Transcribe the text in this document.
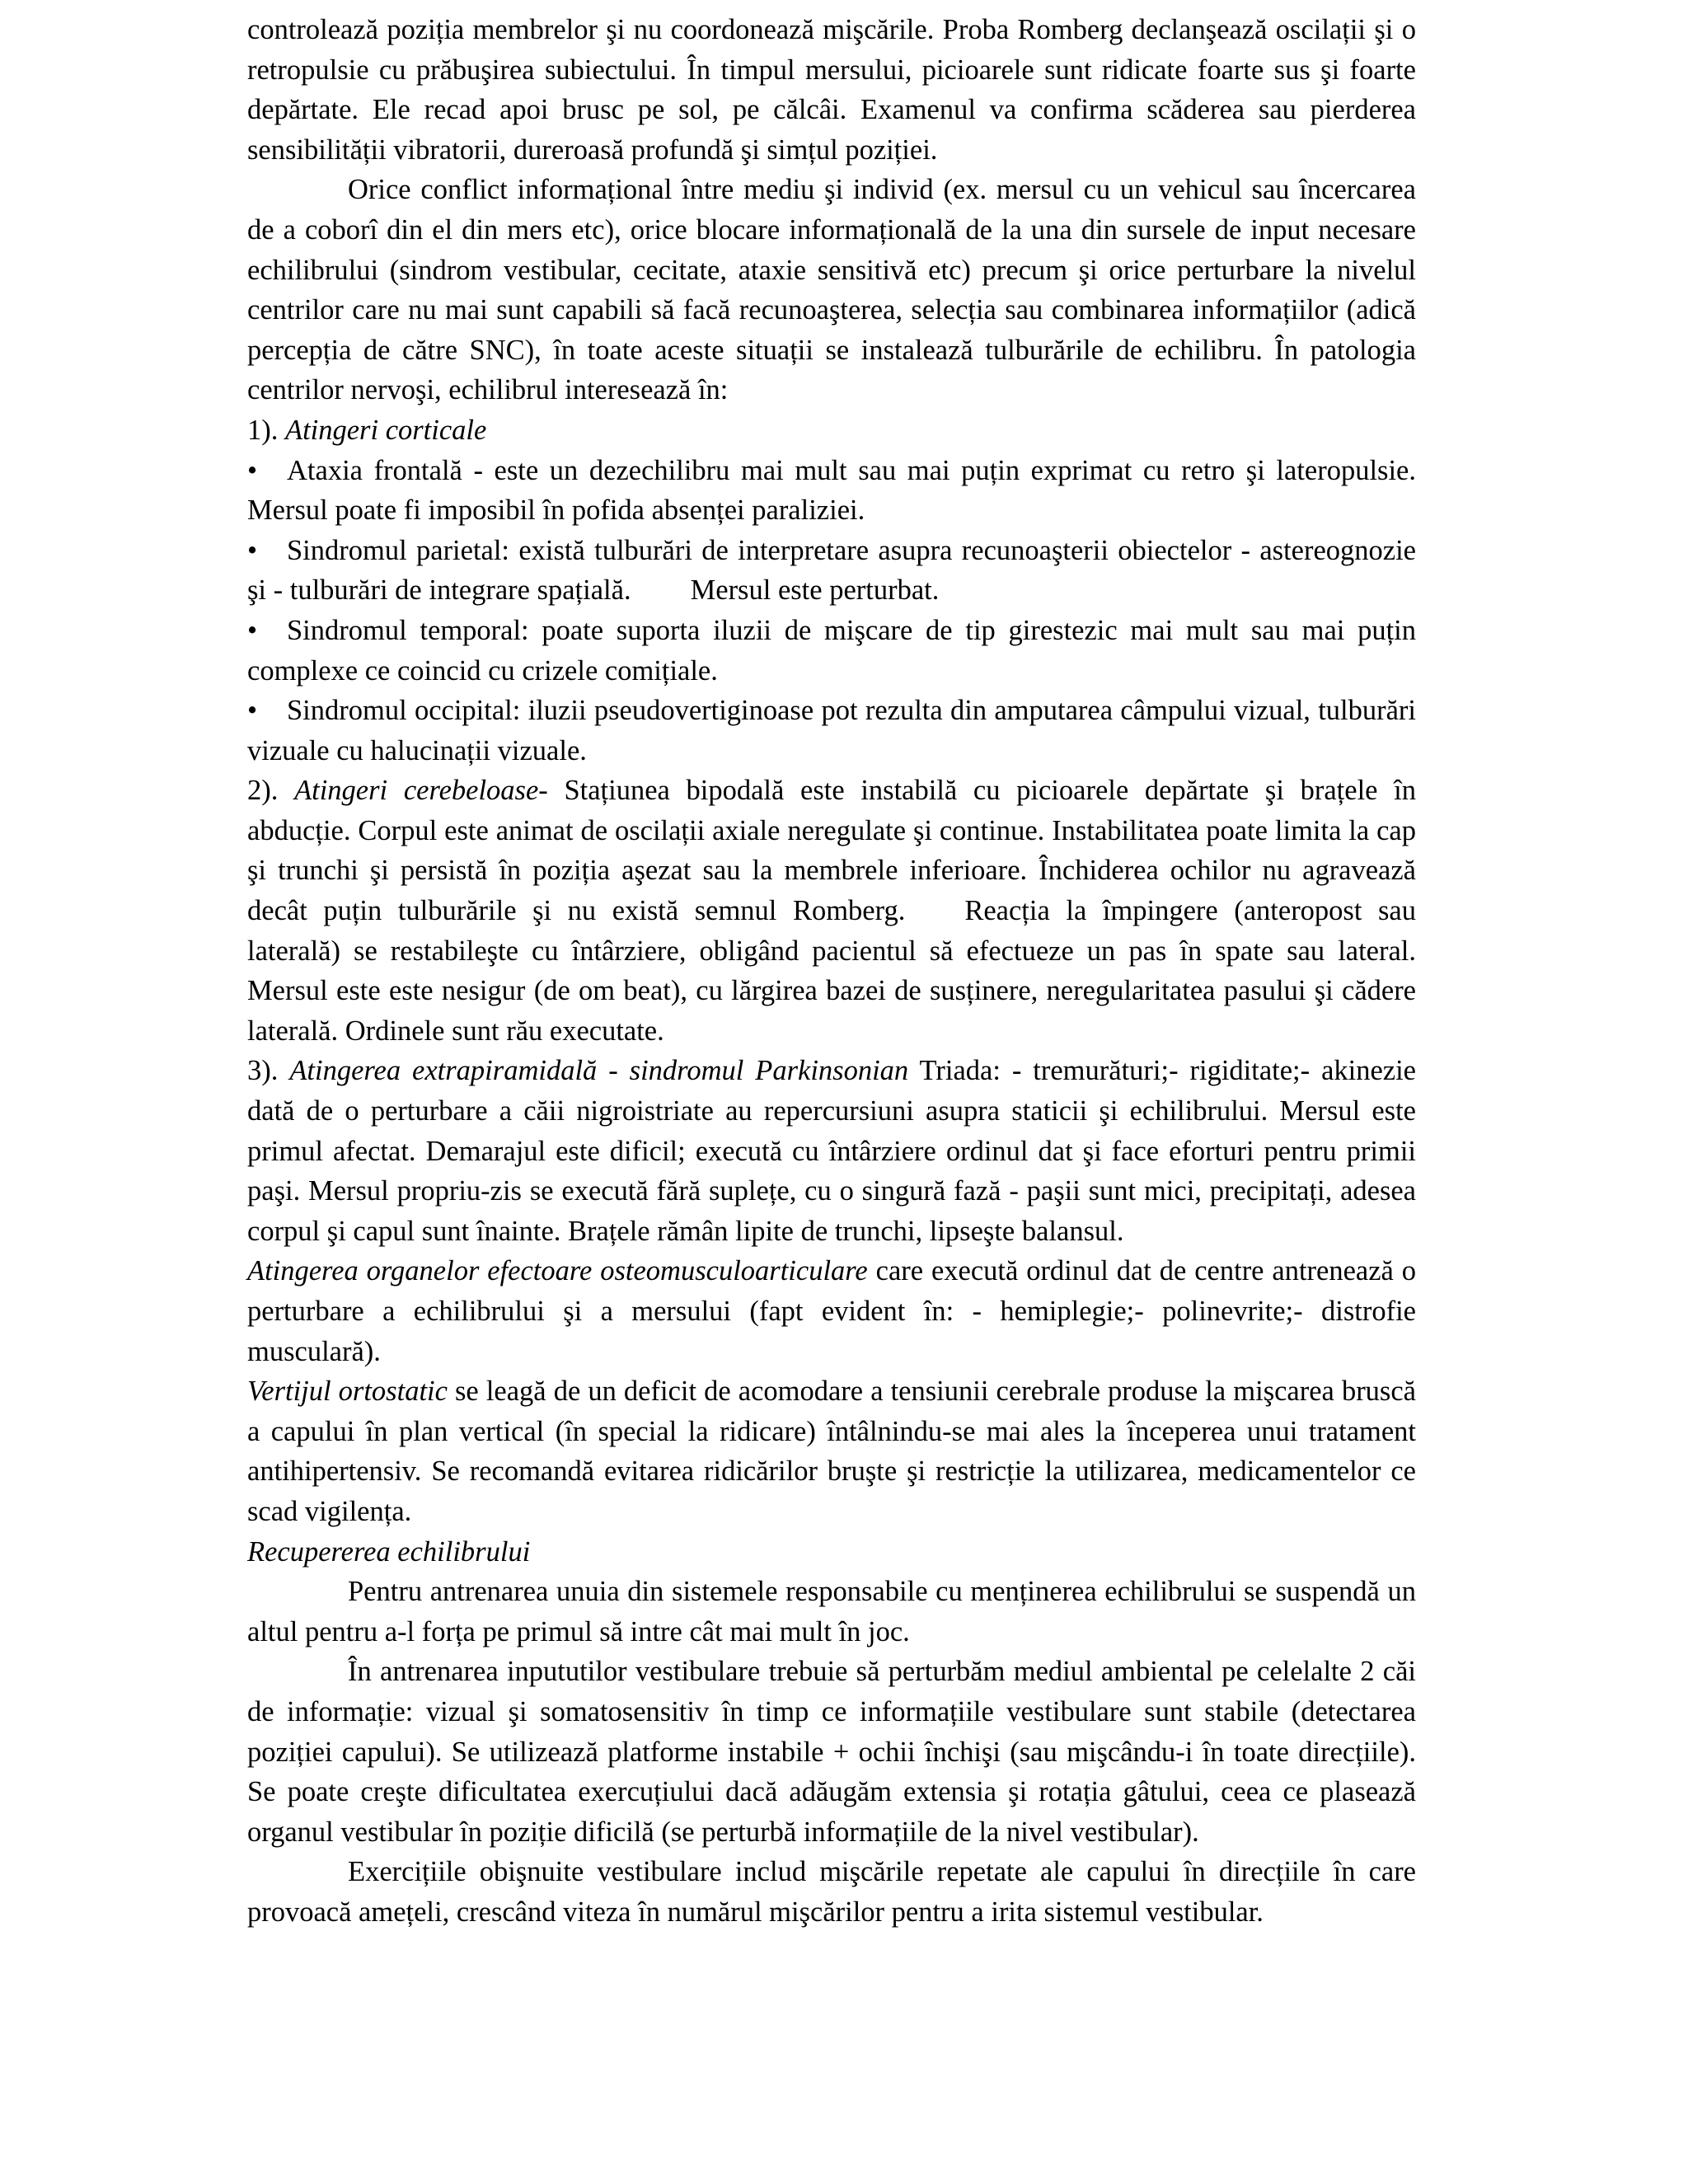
controlează poziția membrelor şi nu coordonează mişcările. Proba Romberg declanşează oscilații şi o retropulsie cu prăbuşirea subiectului. În timpul mersului, picioarele sunt ridicate foarte sus şi foarte depărtate. Ele recad apoi brusc pe sol, pe călcâi. Examenul va confirma scăderea sau pierderea sensibilității vibratorii, dureroasă profundă şi simțul poziției.

Orice conflict informațional între mediu şi individ (ex. mersul cu un vehicul sau încercarea de a coborî din el din mers etc), orice blocare informațională de la una din sursele de input necesare echilibrului (sindrom vestibular, cecitate, ataxie sensitivă etc) precum şi orice perturbare la nivelul centrilor care nu mai sunt capabili să facă recunoaşterea, selecția sau combinarea informațiilor (adică percepția de către SNC), în toate aceste situații se instalează tulburările de echilibru. În patologia centrilor nervoşi, echilibrul interesează în:

1). Atingeri corticale

• Ataxia frontală - este un dezechilibru mai mult sau mai puțin exprimat cu retro şi lateropulsie. Mersul poate fi imposibil în pofida absenței paraliziei.

• Sindromul parietal: există tulburări de interpretare asupra recunoaşterii obiectelor - astereognozie şi - tulburări de integrare spațială. Mersul este perturbat.

• Sindromul temporal: poate suporta iluzii de mişcare de tip girestezic mai mult sau mai puțin complexe ce coincid cu crizele comițiale.

• Sindromul occipital: iluzii pseudovertiginoase pot rezulta din amputarea câmpului vizual, tulburări vizuale cu halucinații vizuale.

2). Atingeri cerebeloase- Stațiunea bipodală este instabilă cu picioarele depărtate şi brațele în abducție. Corpul este animat de oscilații axiale neregulate şi continue. Instabilitatea poate limita la cap şi trunchi şi persistă în poziția aşezat sau la membrele inferioare. Închiderea ochilor nu agravează decât puțin tulburările şi nu există semnul Romberg. Reacția la împingere (anteropost sau laterală) se restabileşte cu întârziere, obligând pacientul să efectueze un pas în spate sau lateral. Mersul este este nesigur (de om beat), cu lărgirea bazei de susținere, neregularitatea pasului şi cădere laterală. Ordinele sunt rău executate.

3). Atingerea extrapiramidală - sindromul Parkinsonian Triada: - tremurături;- rigiditate;- akinezie dată de o perturbare a căii nigroistriate au repercursiuni asupra staticii şi echilibrului. Mersul este primul afectat. Demarajul este dificil; execută cu întârziere ordinul dat şi face eforturi pentru primii paşi. Mersul propriu-zis se execută fără suplețe, cu o singură fază - paşii sunt mici, precipitați, adesea corpul şi capul sunt înainte. Brațele rămân lipite de trunchi, lipseşte balansul.

Atingerea organelor efectoare osteomusculoarticulare care execută ordinul dat de centre antrenează o perturbare a echilibrului şi a mersului (fapt evident în: - hemiplegie;- polinevrite;- distrofie musculară).

Vertijul ortostatic se leagă de un deficit de acomodare a tensiunii cerebrale produse la mişcarea bruscă a capului în plan vertical (în special la ridicare) întâlnindu-se mai ales la începerea unui tratament antihipertensiv. Se recomandă evitarea ridicărilor bruşte şi restricție la utilizarea, medicamentelor ce scad vigilența.

Recupererea echilibrului

Pentru antrenarea unuia din sistemele responsabile cu menținerea echilibrului se suspendă un altul pentru a-l forța pe primul să intre cât mai mult în joc.

În antrenarea inpututilor vestibulare trebuie să perturbăm mediul ambiental pe celelalte 2 căi de informație: vizual şi somatosensitiv în timp ce informațiile vestibulare sunt stabile (detectarea poziției capului). Se utilizează platforme instabile + ochii închişi (sau mişcându-i în toate direcțiile). Se poate creşte dificultatea exercuțiului dacă adăugăm extensia şi rotația gâtului, ceea ce plasează organul vestibular în poziție dificilă (se perturbă informațiile de la nivel vestibular).

Exercițiile obişnuite vestibulare includ mişcările repetate ale capului în direcțiile în care provoacă amețeli, crescând viteza în numărul mişcărilor pentru a irita sistemul vestibular.
